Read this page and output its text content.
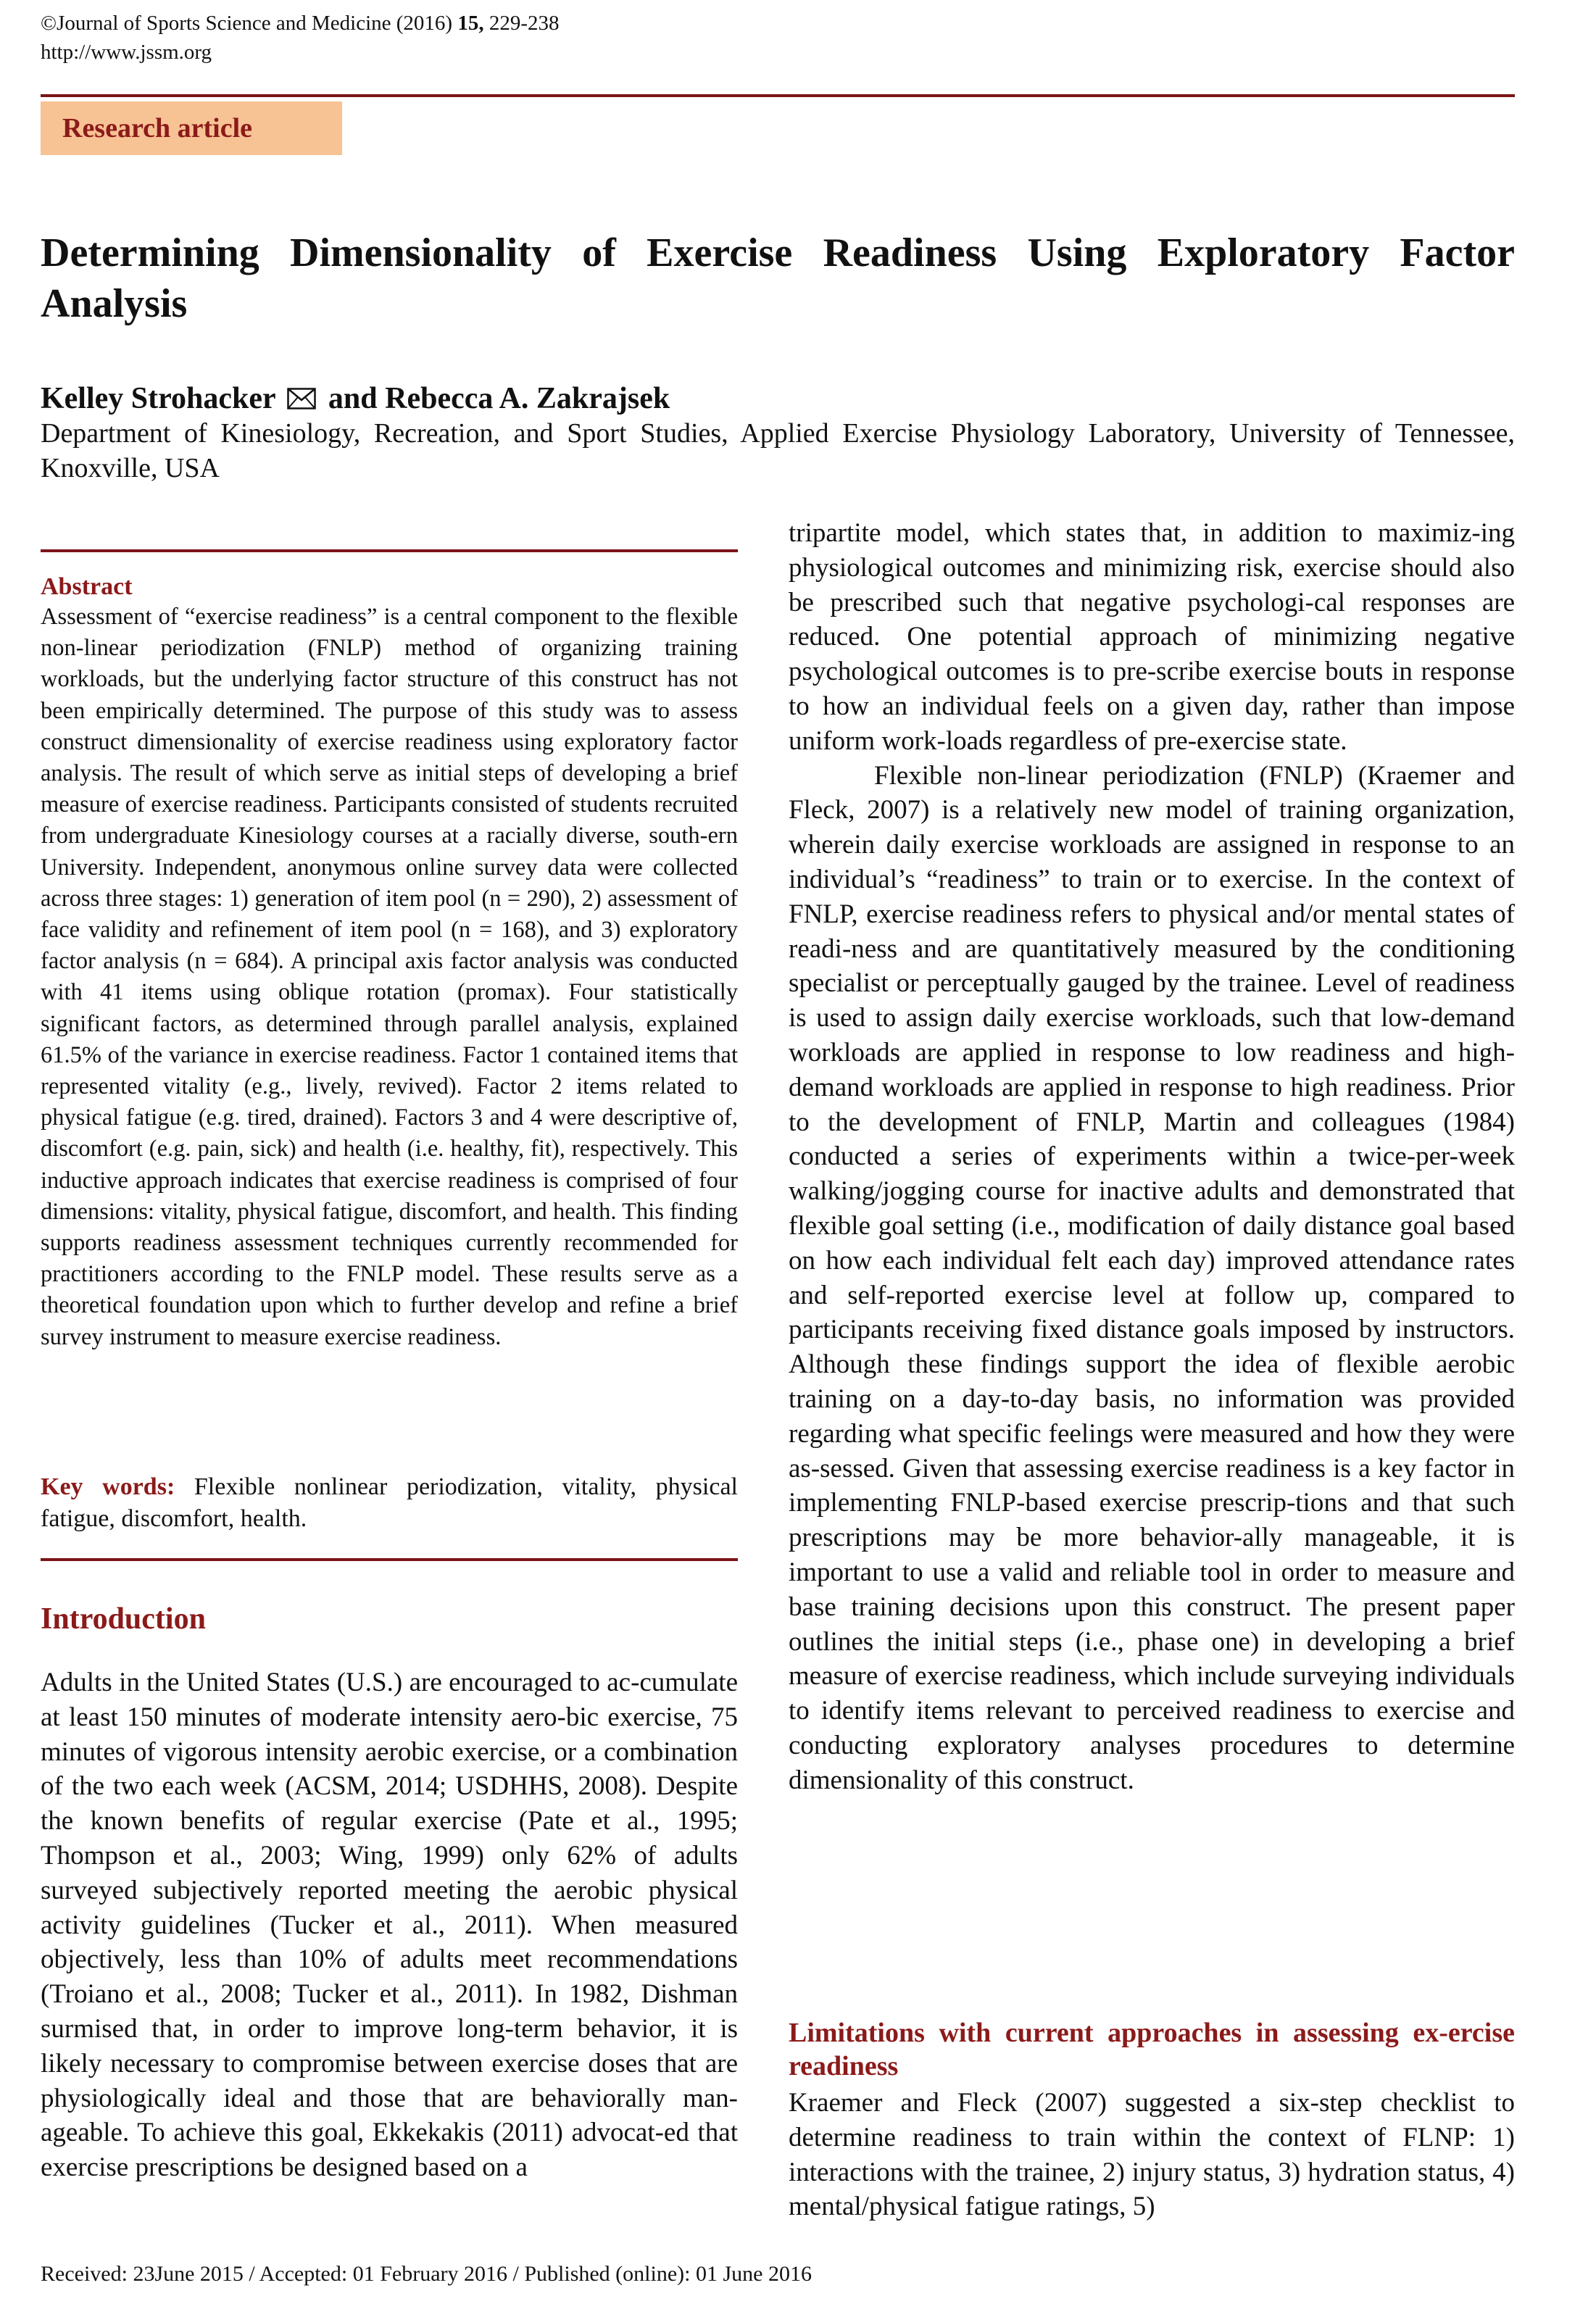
©Journal of Sports Science and Medicine (2016) 15, 229-238
http://www.jssm.org
Research article
Determining Dimensionality of Exercise Readiness Using Exploratory Factor Analysis
Kelley Strohacker  and Rebecca A. Zakrajsek
Department of Kinesiology, Recreation, and Sport Studies, Applied Exercise Physiology Laboratory, University of Tennessee, Knoxville, USA
Abstract
Assessment of “exercise readiness” is a central component to the flexible non-linear periodization (FNLP) method of organizing training workloads, but the underlying factor structure of this construct has not been empirically determined. The purpose of this study was to assess construct dimensionality of exercise readiness using exploratory factor analysis. The result of which serve as initial steps of developing a brief measure of exercise readiness. Participants consisted of students recruited from undergraduate Kinesiology courses at a racially diverse, south-ern University. Independent, anonymous online survey data were collected across three stages: 1) generation of item pool (n = 290), 2) assessment of face validity and refinement of item pool (n = 168), and 3) exploratory factor analysis (n = 684). A principal axis factor analysis was conducted with 41 items using oblique rotation (promax). Four statistically significant factors, as determined through parallel analysis, explained 61.5% of the variance in exercise readiness. Factor 1 contained items that represented vitality (e.g., lively, revived). Factor 2 items related to physical fatigue (e.g. tired, drained). Factors 3 and 4 were descriptive of, discomfort (e.g. pain, sick) and health (i.e. healthy, fit), respectively. This inductive approach indicates that exercise readiness is comprised of four dimensions: vitality, physical fatigue, discomfort, and health. This finding supports readiness assessment techniques currently recommended for practitioners according to the FNLP model. These results serve as a theoretical foundation upon which to further develop and refine a brief survey instrument to measure exercise readiness.
Key words: Flexible nonlinear periodization, vitality, physical fatigue, discomfort, health.
Introduction
Adults in the United States (U.S.) are encouraged to ac-cumulate at least 150 minutes of moderate intensity aero-bic exercise, 75 minutes of vigorous intensity aerobic exercise, or a combination of the two each week (ACSM, 2014; USDHHS, 2008). Despite the known benefits of regular exercise (Pate et al., 1995; Thompson et al., 2003; Wing, 1999) only 62% of adults surveyed subjectively reported meeting the aerobic physical activity guidelines (Tucker et al., 2011). When measured objectively, less than 10% of adults meet recommendations (Troiano et al., 2008; Tucker et al., 2011). In 1982, Dishman surmised that, in order to improve long-term behavior, it is likely necessary to compromise between exercise doses that are physiologically ideal and those that are behaviorally man-ageable. To achieve this goal, Ekkekakis (2011) advocat-ed that exercise prescriptions be designed based on a

tripartite model, which states that, in addition to maximiz-ing physiological outcomes and minimizing risk, exercise should also be prescribed such that negative psychologi-cal responses are reduced. One potential approach of minimizing negative psychological outcomes is to pre-scribe exercise bouts in response to how an individual feels on a given day, rather than impose uniform work-loads regardless of pre-exercise state.

Flexible non-linear periodization (FNLP) (Kraemer and Fleck, 2007) is a relatively new model of training organization, wherein daily exercise workloads are assigned in response to an individual’s “readiness” to train or to exercise. In the context of FNLP, exercise readiness refers to physical and/or mental states of readi-ness and are quantitatively measured by the conditioning specialist or perceptually gauged by the trainee. Level of readiness is used to assign daily exercise workloads, such that low-demand workloads are applied in response to low readiness and high-demand workloads are applied in response to high readiness. Prior to the development of FNLP, Martin and colleagues (1984) conducted a series of experiments within a twice-per-week walking/jogging course for inactive adults and demonstrated that flexible goal setting (i.e., modification of daily distance goal based on how each individual felt each day) improved attendance rates and self-reported exercise level at follow up, compared to participants receiving fixed distance goals imposed by instructors. Although these findings support the idea of flexible aerobic training on a day-to-day basis, no information was provided regarding what specific feelings were measured and how they were as-sessed. Given that assessing exercise readiness is a key factor in implementing FNLP-based exercise prescrip-tions and that such prescriptions may be more behavior-ally manageable, it is important to use a valid and reliable tool in order to measure and base training decisions upon this construct. The present paper outlines the initial steps (i.e., phase one) in developing a brief measure of exercise readiness, which include surveying individuals to identify items relevant to perceived readiness to exercise and conducting exploratory analyses procedures to determine dimensionality of this construct.

Limitations with current approaches in assessing ex-ercise readiness
Kraemer and Fleck (2007) suggested a six-step checklist to determine readiness to train within the context of FLNP: 1) interactions with the trainee, 2) injury status, 3) hydration status, 4) mental/physical fatigue ratings, 5)
Received: 23June 2015 / Accepted: 01 February 2016 / Published (online): 01 June 2016
